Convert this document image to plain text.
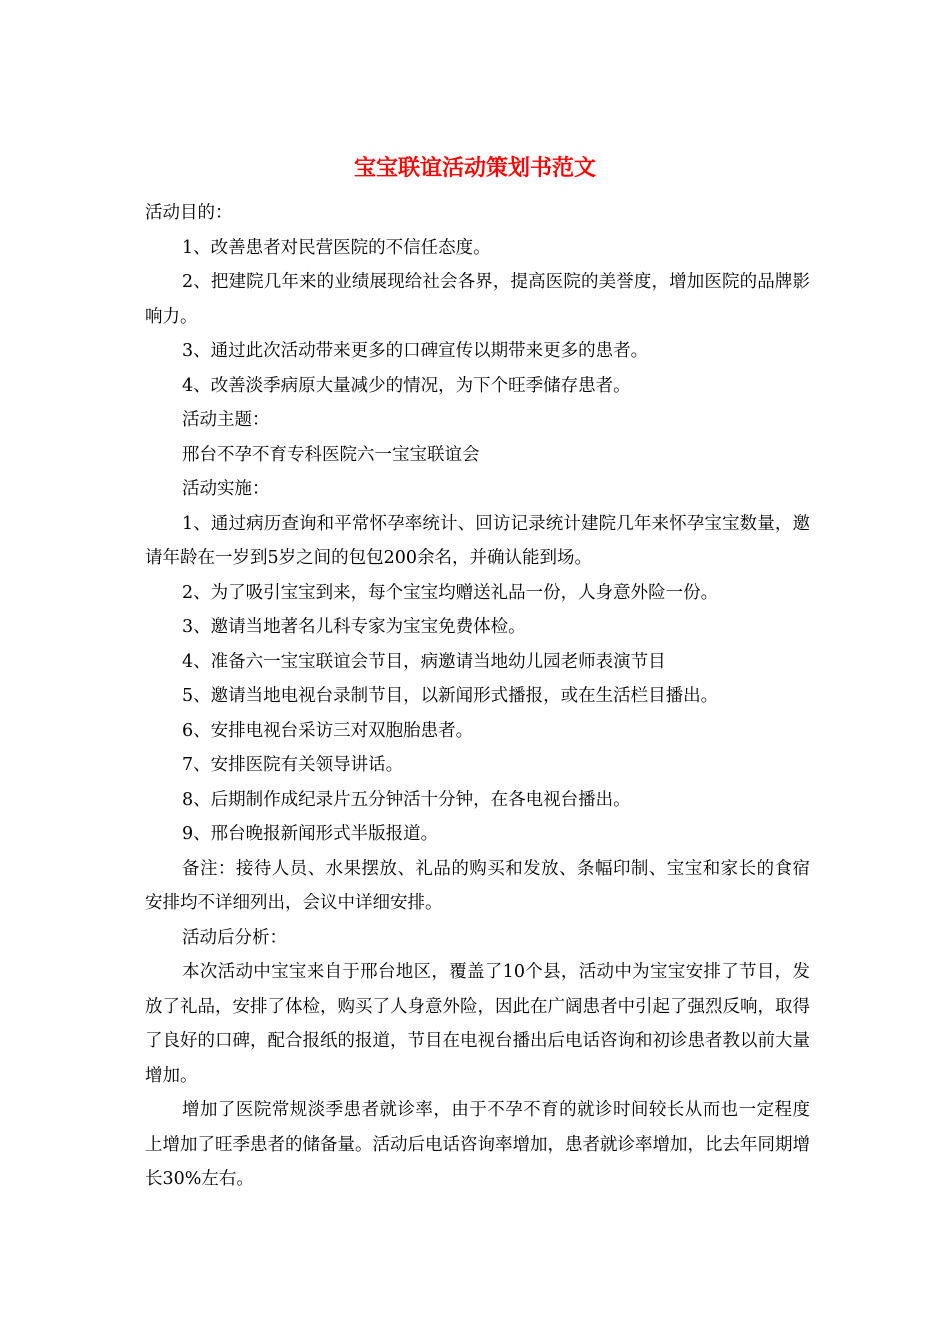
宝宝联谊活动策划书范文

活动目的：

1、改善患者对民营医院的不信任态度。

2、把建院几年来的业绩展现给社会各界，提高医院的美誉度，增加医院的品牌影响力。

3、通过此次活动带来更多的口碑宣传以期带来更多的患者。

4、改善淡季病原大量减少的情况，为下个旺季储存患者。

活动主题：

邢台不孕不育专科医院六一宝宝联谊会

活动实施：

1、通过病历查询和平常怀孕率统计、回访记录统计建院几年来怀孕宝宝数量，邀请年龄在一岁到5岁之间的包包200余名，并确认能到场。

2、为了吸引宝宝到来，每个宝宝均赠送礼品一份，人身意外险一份。

3、邀请当地著名儿科专家为宝宝免费体检。

4、准备六一宝宝联谊会节目，病邀请当地幼儿园老师表演节目

5、邀请当地电视台录制节目，以新闻形式播报，或在生活栏目播出。

6、安排电视台采访三对双胞胎患者。

7、安排医院有关领导讲话。

8、后期制作成纪录片五分钟活十分钟，在各电视台播出。

9、邢台晚报新闻形式半版报道。

备注：接待人员、水果摆放、礼品的购买和发放、条幅印制、宝宝和家长的食宿安排均不详细列出，会议中详细安排。

活动后分析：

本次活动中宝宝来自于邢台地区，覆盖了10个县，活动中为宝宝安排了节目，发放了礼品，安排了体检，购买了人身意外险，因此在广阔患者中引起了强烈反响，取得了良好的口碑，配合报纸的报道，节目在电视台播出后电话咨询和初诊患者教以前大量增加。

增加了医院常规淡季患者就诊率，由于不孕不育的就诊时间较长从而也一定程度上增加了旺季患者的储备量。活动后电话咨询率增加，患者就诊率增加，比去年同期增长30%左右。
